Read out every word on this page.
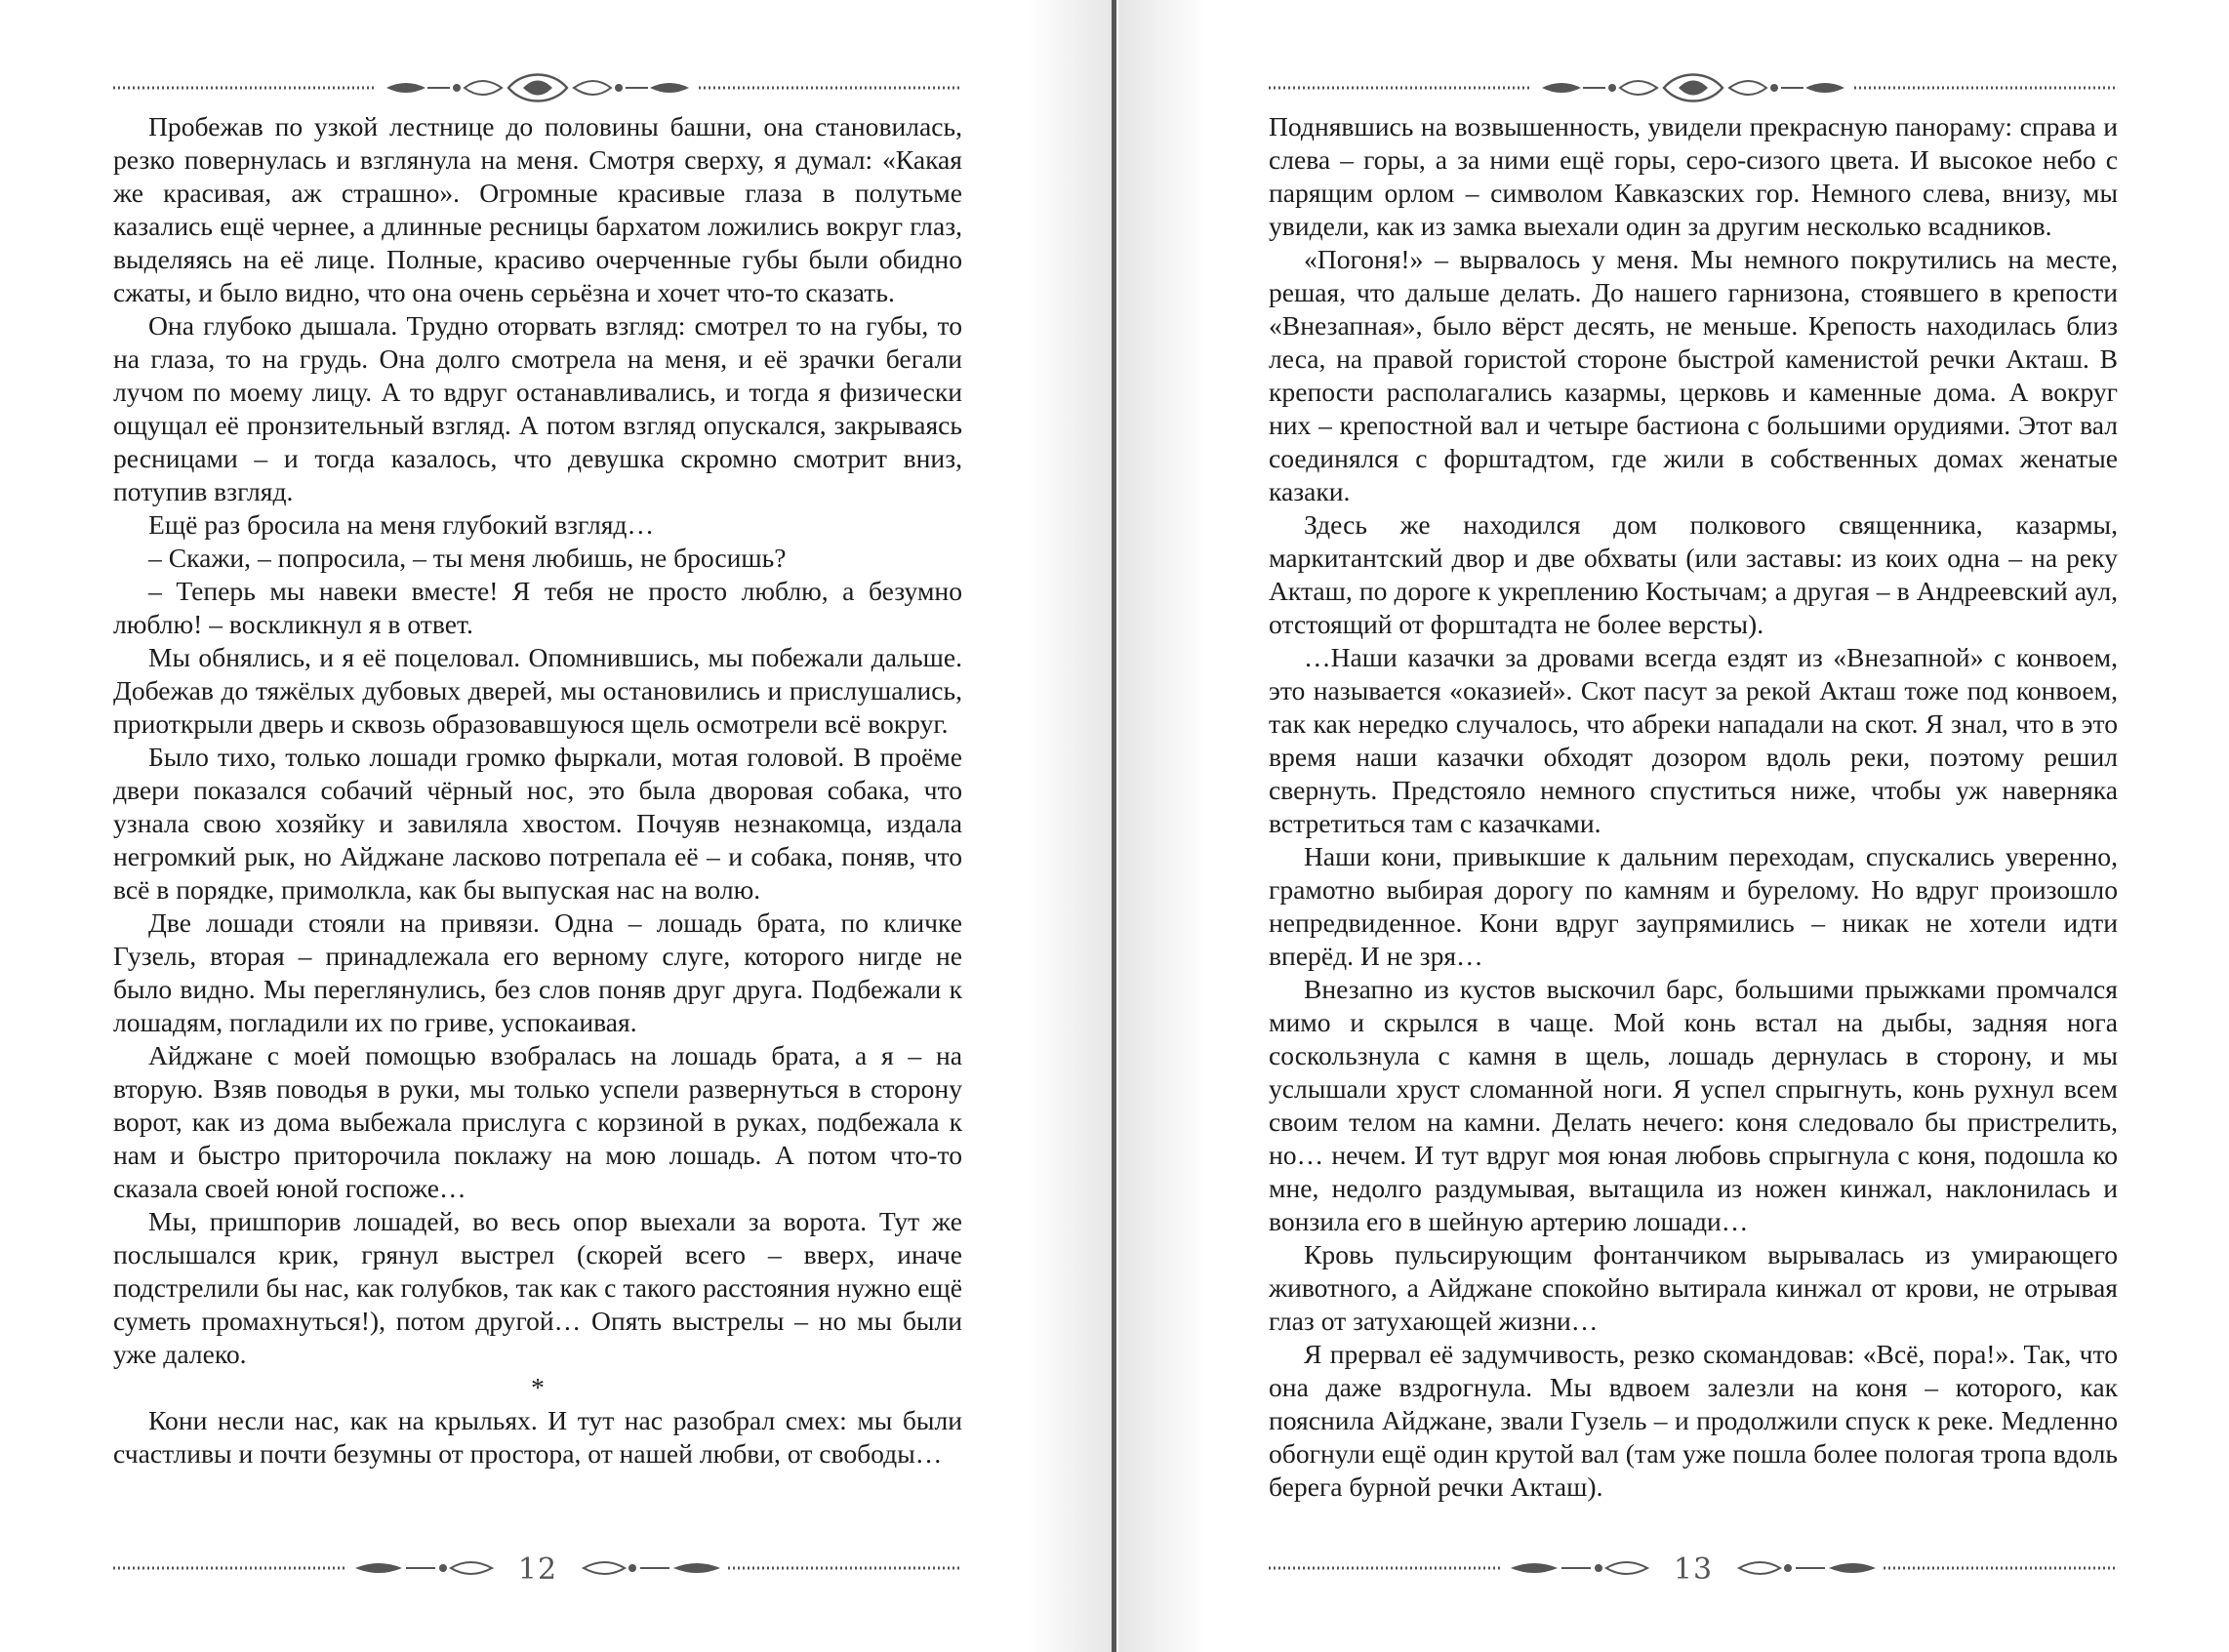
Пробежав по узкой лестнице до половины башни, она становилась, резко повернулась и взглянула на меня. Смотря сверху, я думал: «Какая же красивая, аж страшно». Огромные красивые глаза в полутьме казались ещё чернее, а длинные ресницы бархатом ложились вокруг глаз, выделяясь на её лице. Полные, красиво очерченные губы были обидно сжаты, и было видно, что она очень серьёзна и хочет что-то сказать.

Она глубоко дышала. Трудно оторвать взгляд: смотрел то на губы, то на глаза, то на грудь. Она долго смотрела на меня, и её зрачки бегали лучом по моему лицу. А то вдруг останавливались, и тогда я физически ощущал её пронзительный взгляд. А потом взгляд опускался, закрываясь ресницами – и тогда казалось, что девушка скромно смотрит вниз, потупив взгляд.

Ещё раз бросила на меня глубокий взгляд…

– Скажи, – попросила, – ты меня любишь, не бросишь?

– Теперь мы навеки вместе! Я тебя не просто люблю, а безумно люблю! – воскликнул я в ответ.

Мы обнялись, и я её поцеловал. Опомнившись, мы побежали дальше. Добежав до тяжёлых дубовых дверей, мы остановились и прислушались, приоткрыли дверь и сквозь образовавшуюся щель осмотрели всё вокруг.

Было тихо, только лошади громко фыркали, мотая головой. В проёме двери показался собачий чёрный нос, это была дворовая собака, что узнала свою хозяйку и завиляла хвостом. Почуяв незнакомца, издала негромкий рык, но Айджане ласково потрепала её – и собака, поняв, что всё в порядке, примолкла, как бы выпуская нас на волю.

Две лошади стояли на привязи. Одна – лошадь брата, по кличке Гузель, вторая – принадлежала его верному слуге, которого нигде не было видно. Мы переглянулись, без слов поняв друг друга. Подбежали к лошадям, погладили их по гриве, успокаивая.

Айджане с моей помощью взобралась на лошадь брата, а я – на вторую. Взяв поводья в руки, мы только успели развернуться в сторону ворот, как из дома выбежала прислуга с корзиной в руках, подбежала к нам и быстро приторочила поклажу на мою лошадь. А потом что-то сказала своей юной госпоже…

Мы, пришпорив лошадей, во весь опор выехали за ворота. Тут же послышался крик, грянул выстрел (скорей всего – вверх, иначе подстрелили бы нас, как голубков, так как с такого расстояния нужно ещё суметь промахнуться!), потом другой… Опять выстрелы – но мы были уже далеко.

*

Кони несли нас, как на крыльях. И тут нас разобрал смех: мы были счастливы и почти безумны от простора, от нашей любви, от свободы…

12

Поднявшись на возвышенность, увидели прекрасную панораму: справа и слева – горы, а за ними ещё горы, серо-сизого цвета. И высокое небо с парящим орлом – символом Кавказских гор. Немного слева, внизу, мы увидели, как из замка выехали один за другим несколько всадников.

«Погоня!» – вырвалось у меня. Мы немного покрутились на месте, решая, что дальше делать. До нашего гарнизона, стоявшего в крепости «Внезапная», было вёрст десять, не меньше. Крепость находилась близ леса, на правой гористой стороне быстрой каменистой речки Акташ. В крепости располагались казармы, церковь и каменные дома. А вокруг них – крепостной вал и четыре бастиона с большими орудиями. Этот вал соединялся с форштадтом, где жили в собственных домах женатые казаки.

Здесь же находился дом полкового священника, казармы, маркитантский двор и две обхваты (или заставы: из коих одна – на реку Акташ, по дороге к укреплению Костычам; а другая – в Андреевский аул, отстоящий от форштадта не более версты).

…Наши казачки за дровами всегда ездят из «Внезапной» с конвоем, это называется «оказией». Скот пасут за рекой Акташ тоже под конвоем, так как нередко случалось, что абреки нападали на скот. Я знал, что в это время наши казачки обходят дозором вдоль реки, поэтому решил свернуть. Предстояло немного спуститься ниже, чтобы уж наверняка встретиться там с казачками.

Наши кони, привыкшие к дальним переходам, спускались уверенно, грамотно выбирая дорогу по камням и бурелому. Но вдруг произошло непредвиденное. Кони вдруг заупрямились – никак не хотели идти вперёд. И не зря…

Внезапно из кустов выскочил барс, большими прыжками промчался мимо и скрылся в чаще. Мой конь встал на дыбы, задняя нога соскользнула с камня в щель, лошадь дернулась в сторону, и мы услышали хруст сломанной ноги. Я успел спрыгнуть, конь рухнул всем своим телом на камни. Делать нечего: коня следовало бы пристрелить, но… нечем. И тут вдруг моя юная любовь спрыгнула с коня, подошла ко мне, недолго раздумывая, вытащила из ножен кинжал, наклонилась и вонзила его в шейную артерию лошади…

Кровь пульсирующим фонтанчиком вырывалась из умирающего животного, а Айджане спокойно вытирала кинжал от крови, не отрывая глаз от затухающей жизни…

Я прервал её задумчивость, резко скомандовав: «Всё, пора!». Так, что она даже вздрогнула. Мы вдвоем залезли на коня – которого, как пояснила Айджане, звали Гузель – и продолжили спуск к реке. Медленно обогнули ещё один крутой вал (там уже пошла более пологая тропа вдоль берега бурной речки Акташ).

13
